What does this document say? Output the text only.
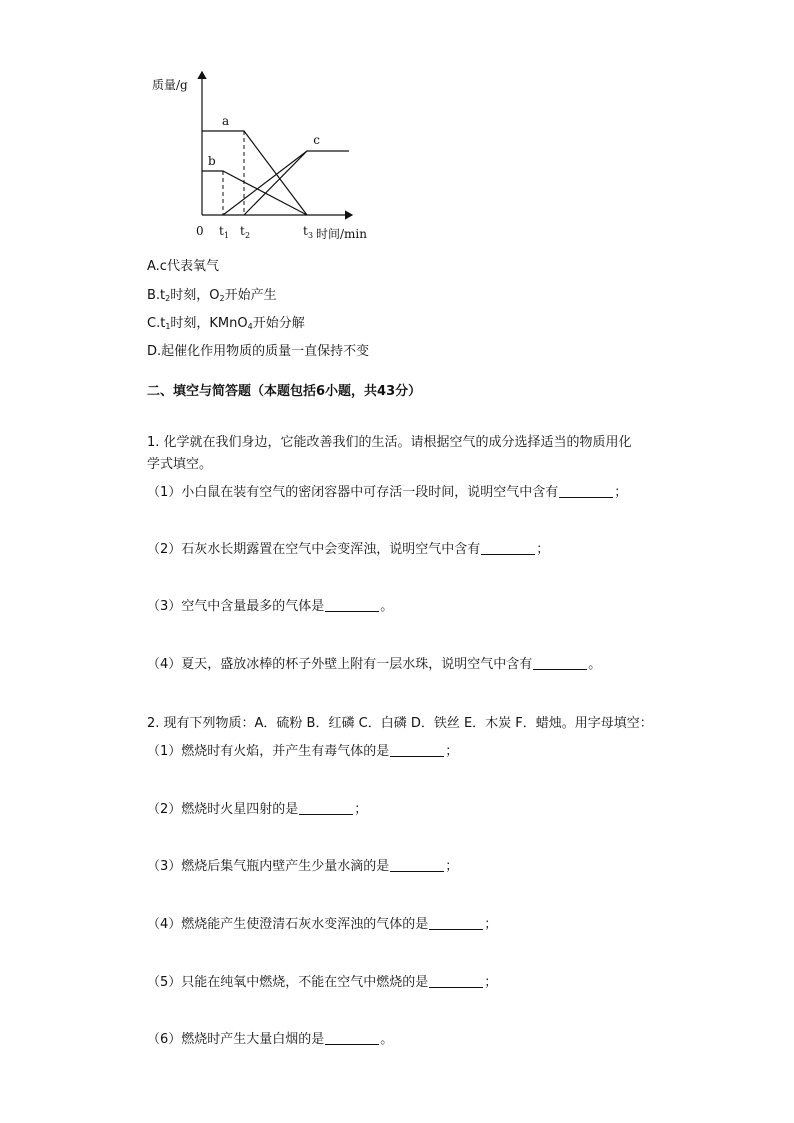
质量/g
0	时间/min
a
b
c
t 1 t 2	t 3
A.c代表氧气
$B.t_2$时刻，$O_2$开始产生
$C.t_1$时刻，KMnO$_4$开始分解
D.起催化作用物质的质量一直保持不变
二、填空与简答题（本题包括6小题，共43分）
1. 化学就在我们身边，它能改善我们的生活。请根据空气的成分选择适当的物质用化
学式填空。
（1）小白鼠在装有空气的密闭容器中可存活一段时间，说明空气中含有	；
（2）石灰水长期露置在空气中会变浑浊，说明空气中含有	；
（3）空气中含量最多的气体是	。
（4）夏天，盛放冰棒的杯子外壁上附有一层水珠，说明空气中含有	。
2. 现有下列物质：A．硫粉 B．红磷 C．白磷 D．铁丝 E．木炭 F．蜡烛。用字母填空：
（1）燃烧时有火焰，并产生有毒气体的是	；
（2）燃烧时火星四射的是	；
（3）燃烧后集气瓶内壁产生少量水滴的是	；
（4）燃烧能产生使澄清石灰水变浑浊的气体的是	；
（5）只能在纯氧中燃烧，不能在空气中燃烧的是	；
（6）燃烧时产生大量白烟的是	。
